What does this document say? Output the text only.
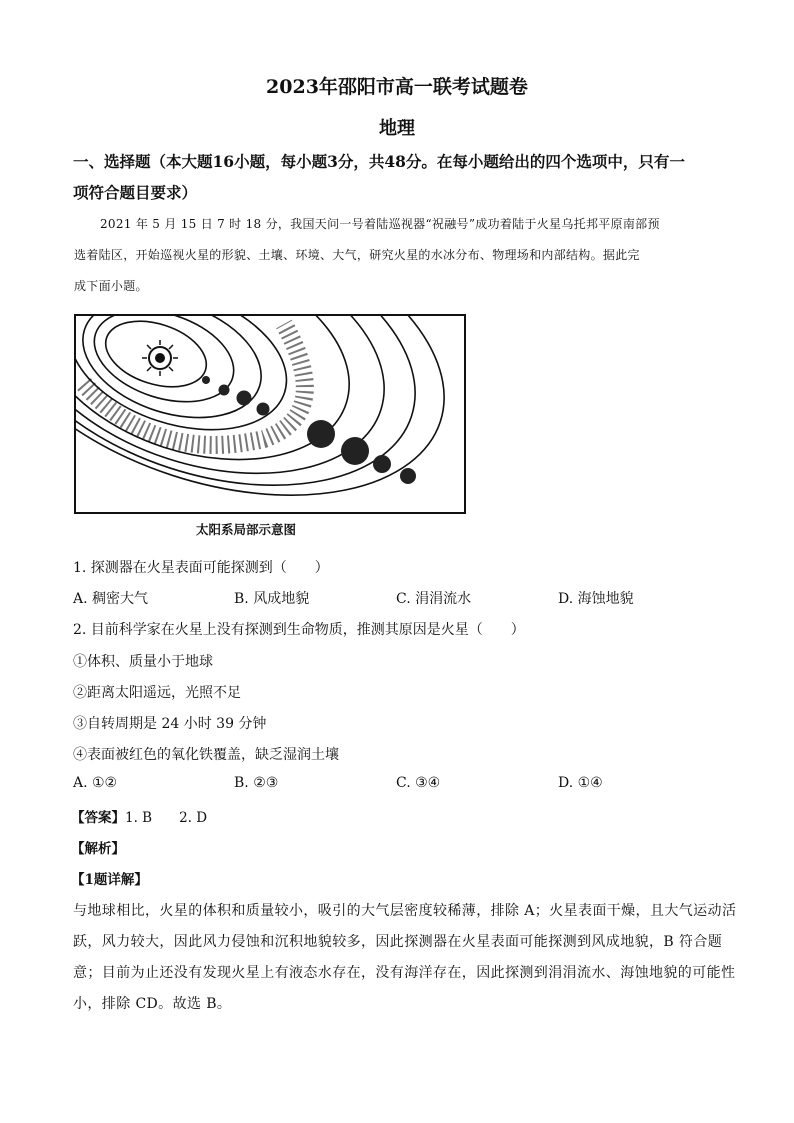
2023年邵阳市高一联考试题卷
地理
一、选择题（本大题16小题，每小题3分，共48分。在每小题给出的四个选项中，只有一
项符合题目要求）
2021 年 5 月 15 日 7 时 18 分，我国天问一号着陆巡视器“祝融号”成功着陆于火星乌托邦平原南部预
选着陆区，开始巡视火星的形貌、土壤、环境、大气，研究火星的水冰分布、物理场和内部结构。据此完
成下面小题。
太阳系局部示意图
1. 探测器在火星表面可能探测到（　　）
A. 稠密大气	B. 风成地貌	C. 涓涓流水	D. 海蚀地貌
2. 目前科学家在火星上没有探测到生命物质，推测其原因是火星（　　）
①体积、质量小于地球
②距离太阳遥远，光照不足
③自转周期是 24 小时 39 分钟
④表面被红色的氧化铁覆盖，缺乏湿润土壤
A. ①②	B. ②③	C. ③④	D. ①④
【答案】1. B　　2. D
【解析】
【1题详解】
与地球相比，火星的体积和质量较小，吸引的大气层密度较稀薄，排除 A；火星表面干燥，且大气运动活
跃，风力较大，因此风力侵蚀和沉积地貌较多，因此探测器在火星表面可能探测到风成地貌，B 符合题
意；目前为止还没有发现火星上有液态水存在，没有海洋存在，因此探测到涓涓流水、海蚀地貌的可能性
小，排除 CD。故选 B。
